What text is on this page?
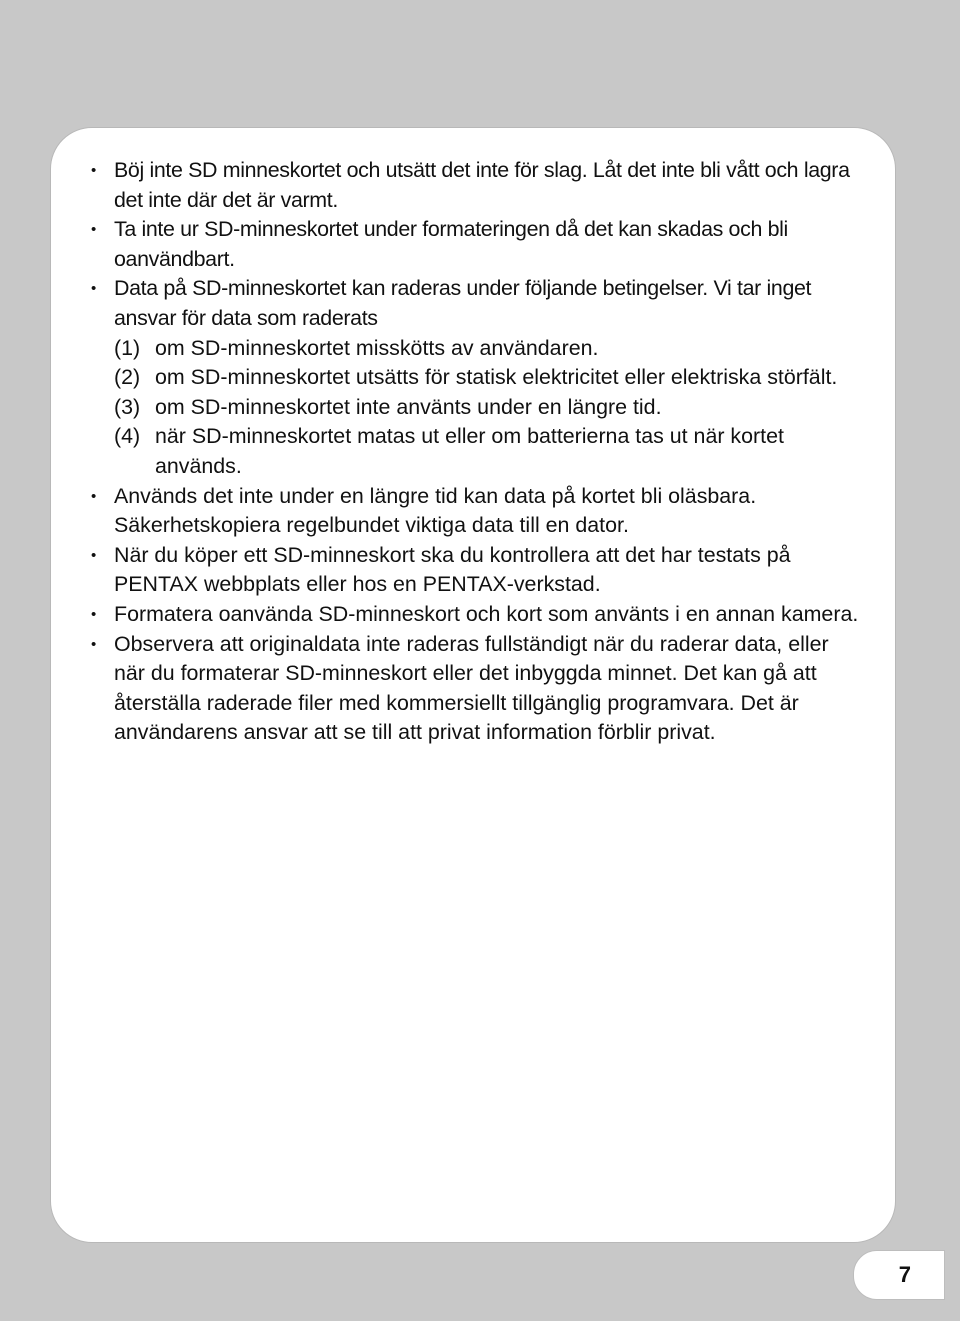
• Böj inte SD minneskortet och utsätt det inte för slag. Låt det inte bli vått och lagra det inte där det är varmt.
• Ta inte ur SD-minneskortet under formateringen då det kan skadas och bli oanvändbart.
• Data på SD-minneskortet kan raderas under följande betingelser. Vi tar inget ansvar för data som raderats
(1) om SD-minneskortet misskötts av användaren.
(2) om SD-minneskortet utsätts för statisk elektricitet eller elektriska störfält.
(3) om SD-minneskortet inte använts under en längre tid.
(4) när SD-minneskortet matas ut eller om batterierna tas ut när kortet används.
• Används det inte under en längre tid kan data på kortet bli oläsbara. Säkerhetskopiera regelbundet viktiga data till en dator.
• När du köper ett SD-minneskort ska du kontrollera att det har testats på PENTAX webbplats eller hos en PENTAX-verkstad.
• Formatera oanvända SD-minneskort och kort som använts i en annan kamera.
• Observera att originaldata inte raderas fullständigt när du raderar data, eller när du formaterar SD-minneskort eller det inbyggda minnet. Det kan gå att återställa raderade filer med kommersiellt tillgänglig programvara. Det är användarens ansvar att se till att privat information förblir privat.
7
